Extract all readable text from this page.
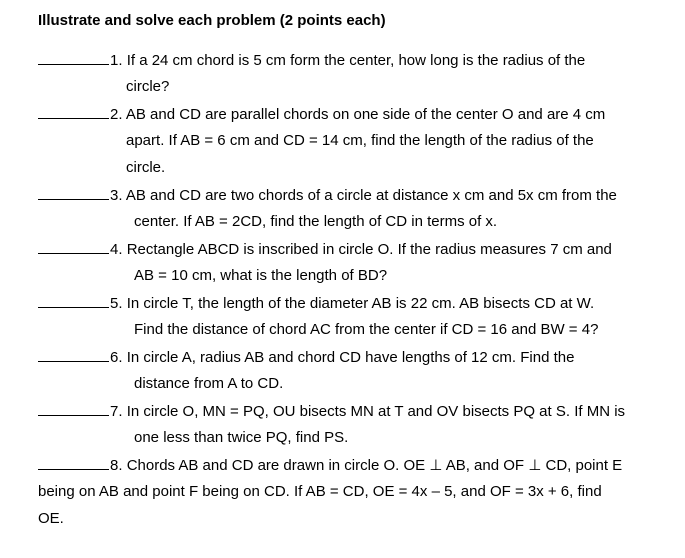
Illustrate and solve each problem (2 points each)
1. If a 24 cm chord is 5 cm form the center, how long is the radius of the
circle?
2. AB and CD are parallel chords on one side of the center O and are 4 cm
apart. If AB = 6 cm and CD = 14 cm, find the length of the radius of the
circle.
3. AB and CD are two chords of a circle at distance x cm and 5x cm from the
center. If AB = 2CD, find the length of CD in terms of x.
4. Rectangle ABCD is inscribed in circle O. If the radius measures 7 cm and
AB = 10 cm, what is the length of BD?
5. In circle T, the length of the diameter AB is 22 cm. AB bisects CD at W.
Find the distance of chord AC from the center if CD = 16 and BW = 4?
6. In circle A, radius AB and chord CD have lengths of 12 cm. Find the
distance from A to CD.
7. In circle O, MN = PQ, OU bisects MN at T and OV bisects PQ at S. If MN is
one less than twice PQ, find PS.
8. Chords AB and CD are drawn in circle O. OE ⊥ AB, and OF ⊥ CD, point E
being on AB and point F being on CD. If AB = CD, OE = 4x – 5, and OF = 3x + 6, find
OE.
